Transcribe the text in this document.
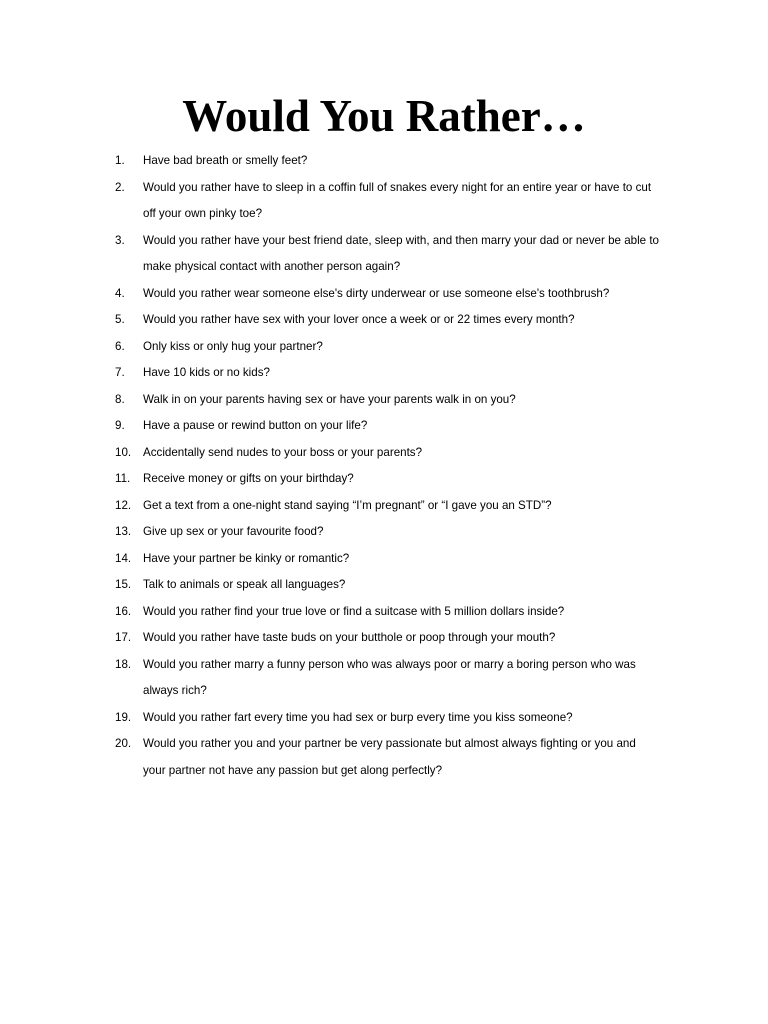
Would You Rather…
1.	Have bad breath or smelly feet?
2.	Would you rather have to sleep in a coffin full of snakes every night for an entire year or have to cut off your own pinky toe?
3.	Would you rather have your best friend date, sleep with, and then marry your dad or never be able to make physical contact with another person again?
4.	Would you rather wear someone else's dirty underwear or use someone else's toothbrush?
5.	Would you rather have sex with your lover once a week or or 22 times every month?
6.	Only kiss or only hug your partner?
7.	Have 10 kids or no kids?
8.	Walk in on your parents having sex or have your parents walk in on you?
9.	Have a pause or rewind button on your life?
10.	Accidentally send nudes to your boss or your parents?
11.	Receive money or gifts on your birthday?
12.	Get a text from a one-night stand saying “I’m pregnant” or “I gave you an STD”?
13.	Give up sex or your favourite food?
14.	Have your partner be kinky or romantic?
15.	Talk to animals or speak all languages?
16.	Would you rather find your true love or find a suitcase with 5 million dollars inside?
17.	Would you rather have taste buds on your butthole or poop through your mouth?
18.	Would you rather marry a funny person who was always poor or marry a boring person who was always rich?
19.	Would you rather fart every time you had sex or burp every time you kiss someone?
20.	Would you rather you and your partner be very passionate but almost always fighting or you and your partner not have any passion but get along perfectly?
